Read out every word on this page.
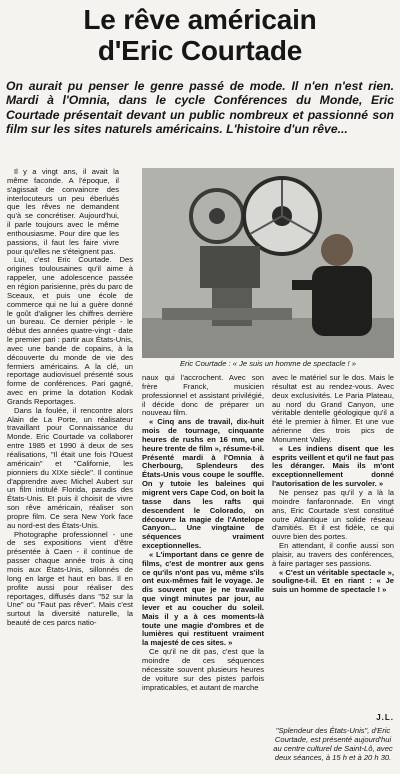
Le rêve américain
d'Eric Courtade
On aurait pu penser le genre passé de mode. Il n'en n'est rien. Mardi à l'Omnia, dans le cycle Conférences du Monde, Eric Courtade présentait devant un public nombreux et passionné son film sur les sites naturels américains. L'histoire d'un rêve...

Il y a vingt ans, il avait la même faconde. A l'époque, il s'agissait de convaincre des interlocuteurs un peu éberlués que les rêves ne demandent qu'à se concrétiser. Aujourd'hui, il parle toujours avec le même enthousiasme. Pour dire que les passions, il faut les faire vivre pour qu'elles ne s'éteignent pas.

Lui, c'est Eric Courtade. Des origines toulousaines qu'il aime à rappeler, une adolescence passée en région parisienne, près du parc de Sceaux, et puis une école de commerce qui ne lui a guère donné le goût d'aligner les chiffres derrière un bureau. Ce dernier périple - le début des années quatre-vingt - date le premier pari : partir aux États-Unis, avec une bande de copains, à la découverte du monde de vie des fermiers américains. A la clé, un reportage audiovisuel présenté sous forme de conférences. Pari gagné, avec en prime la dotation Kodak Grands Reportages.

Dans la foulée, il rencontre alors Alain de La Porte, un réalisateur travaillant pour Connaissance du Monde. Eric Courtade va collaborer entre 1985 et 1990 à deux de ses réalisations, "Il était une fois l'Ouest américain" et "Californie, les pionniers du XIXe siècle". Il continue d'apprendre avec Michel Aubert sur un film intitulé Florida, paradis des États-Unis. Et puis il choisit de vivre son rêve américain, réaliser son propre film. Ce sera New York face au nord-est des États-Unis.

Photographe professionnel - une de ses expositions vient d'être présentée à Caen - il continue de passer chaque année trois à cinq mois aux États-Unis, sillonnés de long en large et haut en bas. Il en profite aussi pour réaliser des reportages, diffusés dans "52 sur la Une" ou "Faut pas rêver". Mais c'est surtout la diversité naturelle, la beauté de ces parcs natio-

Eric Courtade : « Je suis un homme de spectacle ! »

naux qui l'accrochent. Avec son frère Franck, musicien professionnel et assistant privilégié, il décide donc de préparer un nouveau film.

« Cinq ans de travail, dix-huit mois de tournage, cinquante heures de rushs en 16 mm, une heure trente de film », résume-t-il. Présenté mardi à l'Omnia à Cherbourg, Splendeurs des États-Unis vous coupe le souffle. On y tutoie les baleines qui migrent vers Cape Cod, on boit la tasse dans les rafts qui descendent le Colorado, on découvre la magie de l'Antelope Canyon... Une vingtaine de séquences vraiment exceptionnelles.

« L'important dans ce genre de films, c'est de montrer aux gens ce qu'ils n'ont pas vu, même s'ils ont eux-mêmes fait le voyage. Je dis souvent que je ne travaille que vingt minutes par jour, au lever et au coucher du soleil. Mais il y a à ces moments-là toute une magie d'ombres et de lumières qui restituent vraiment la majesté de ces sites. »

Ce qu'il ne dit pas, c'est que la moindre de ces séquences nécessite souvent plusieurs heures de voiture sur des pistes parfois impraticables, et autant de marche

avec le matériel sur le dos. Mais le résultat est au rendez-vous. Avec deux exclusivités. Le Paria Plateau, au nord du Grand Canyon, une véritable dentelle géologique qu'il a été le premier à filmer. Et une vue aérienne des trois pics de Monument Valley.

« Les indiens disent que les esprits veillent et qu'il ne faut pas les déranger. Mais ils m'ont exceptionnellement donné l'autorisation de les survoler. »

Ne pensez pas qu'il y a là la moindre fanfaronnade. En vingt ans, Eric Courtade s'est constitué outre Atlantique un solide réseau d'amitiés. Et il est fidèle, ce qui ouvre bien des portes.

En attendant, il confie aussi son plaisir, au travers des conférences, à faire partager ses passions.

« C'est un véritable spectacle », souligne-t-il. Et en riant : « Je suis un homme de spectacle ! »

J.L.
"Splendeur des États-Unis", d'Eric Courtade, est présenté aujourd'hui au centre culturel de Saint-Lô, avec deux séances, à 15 h et à 20 h 30.
